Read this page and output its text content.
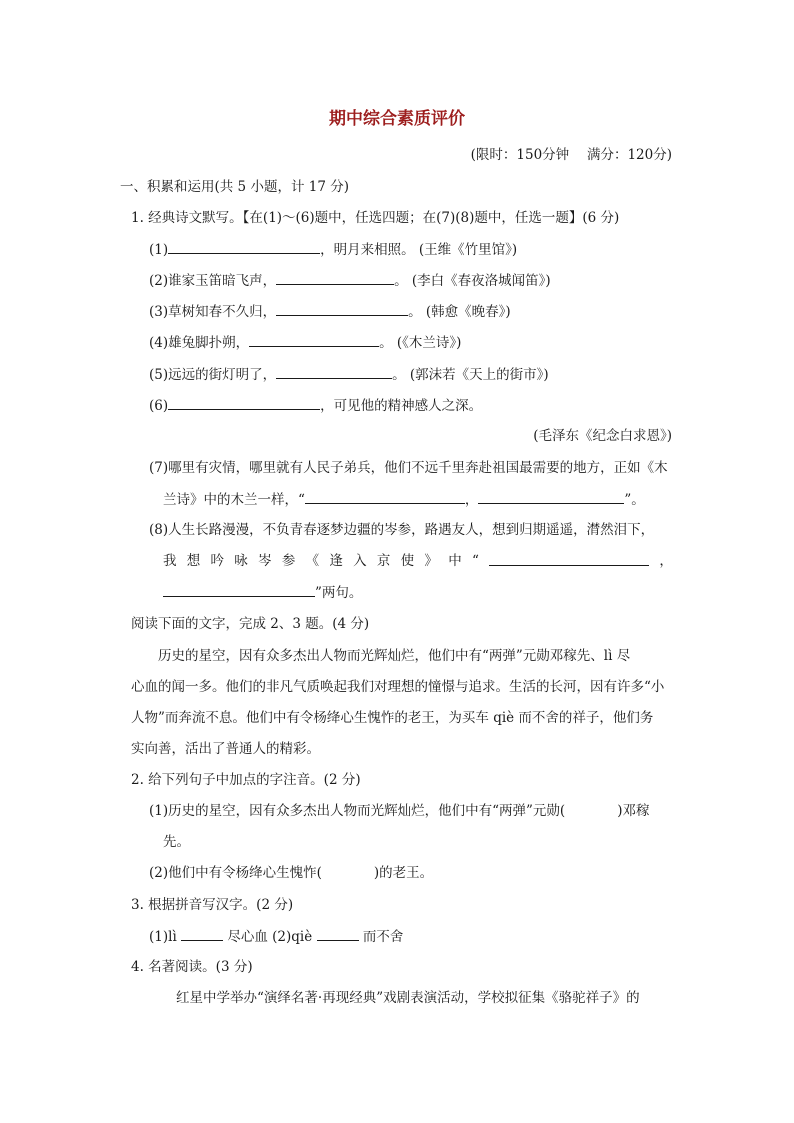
期中综合素质评价
(限时：150分钟　 满分：120分)
一、积累和运用(共 5 小题，计 17 分)
1. 经典诗文默写。【在(1)～(6)题中，任选四题；在(7)(8)题中，任选一题】(6 分)
(1)	，明月来相照。 (王维《竹里馆》)
(2)谁家玉笛暗飞声，	。 (李白《春夜洛城闻笛》)
(3)草树知春不久归，	。 (韩愈《晚春》)
(4)雄兔脚扑朔，	。 (《木兰诗》)
(5)远远的街灯明了，	。 (郭沫若《天上的街市》)
(6)	，可见他的精神感人之深。
(毛泽东《纪念白求恩》)
(7)哪里有灾情，哪里就有人民子弟兵，他们不远千里奔赴祖国最需要的地方，正如《木
兰诗》中的木兰一样，“	，	”。
(8)人生长路漫漫，不负青春逐梦边疆的岑参，路遇友人，想到归期遥遥，潸然泪下，
我 想 吟 咏 岑 参 《 逢 入 京 使 》 中 “	，
”两句。
阅读下面的文字，完成 2、3 题。(4 分)
历史的星空，因有众多杰出人物而光辉灿烂，他们中有“两弹”元勋邓稼先、lì 尽
心血的闻一多。他们的非凡气质唤起我们对理想的憧憬与追求。生活的长河，因有许多“小
人物”而奔流不息。他们中有令杨绛心生愧怍的老王，为买车 qiè 而不舍的祥子，他们务
实向善，活出了普通人的精彩。
2. 给下列句子中加点的字注音。(2 分)
(1)历史的星空，因有众多杰出人物而光辉灿烂，他们中有“两弹”元勋(	)邓稼
先。
(2)他们中有令杨绛心生愧怍(	)的老王。
3. 根据拼音写汉字。(2 分)
(1)lì	尽心血 (2)qiè	而不舍
4. 名著阅读。(3 分)
红星中学举办“演绎名著·再现经典”戏剧表演活动，学校拟征集《骆驼祥子》的
